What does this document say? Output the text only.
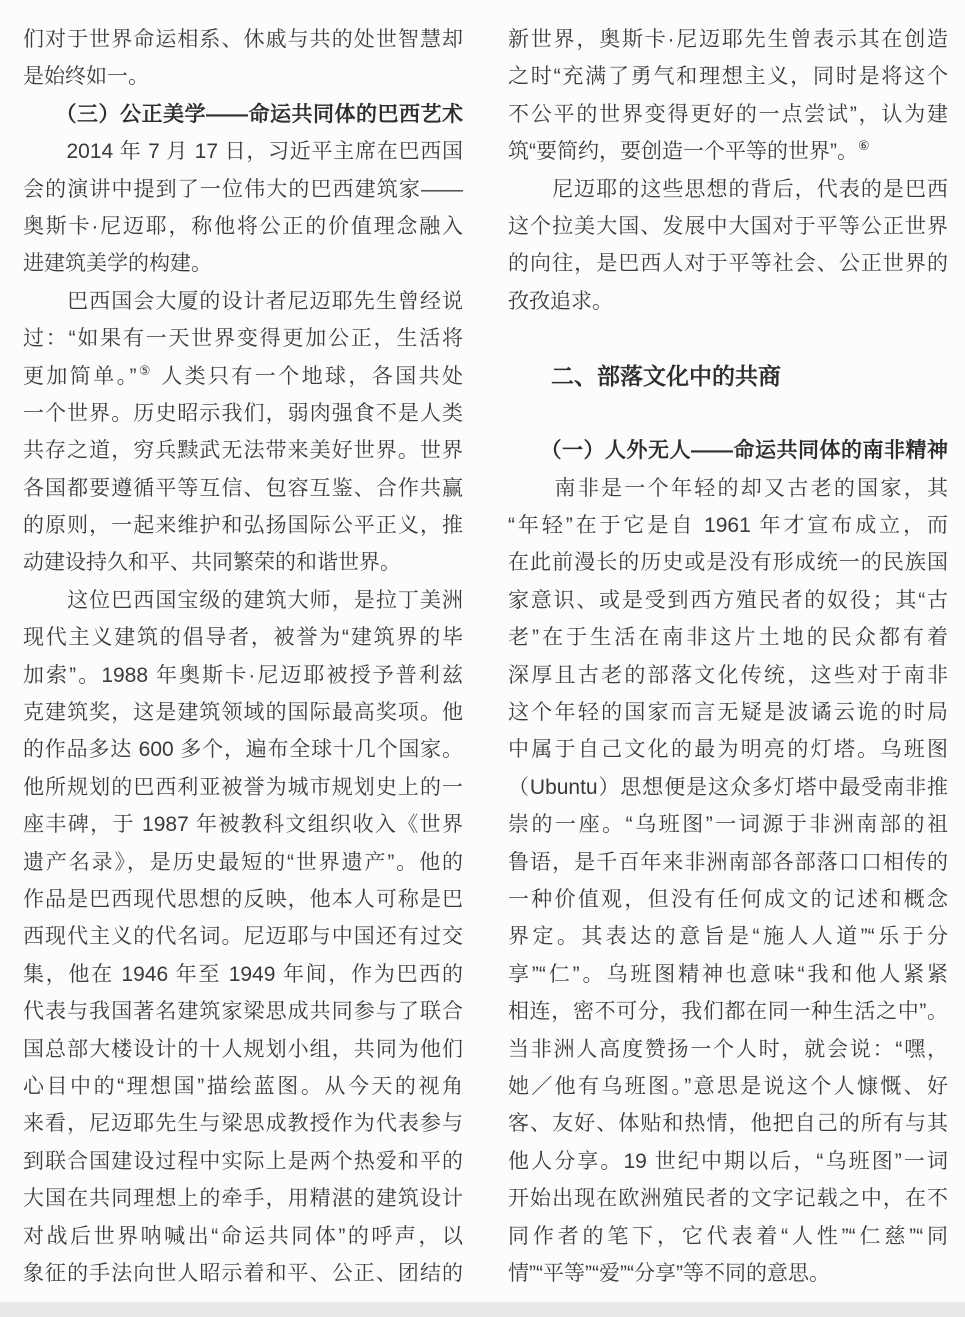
们对于世界命运相系、休戚与共的处世智慧却
是始终如一。
　　（三）公正美学——命运共同体的巴西艺术
　　2014 年 7 月 17 日，习近平主席在巴西国
会的演讲中提到了一位伟大的巴西建筑家——
奥斯卡·尼迈耶，称他将公正的价值理念融入
进建筑美学的构建。
　　巴西国会大厦的设计者尼迈耶先生曾经说
过：“如果有一天世界变得更加公正，生活将
更加简单。”⑤ 人类只有一个地球，各国共处
一个世界。历史昭示我们，弱肉强食不是人类
共存之道，穷兵黩武无法带来美好世界。世界
各国都要遵循平等互信、包容互鉴、合作共赢
的原则，一起来维护和弘扬国际公平正义，推
动建设持久和平、共同繁荣的和谐世界。
　　这位巴西国宝级的建筑大师，是拉丁美洲
现代主义建筑的倡导者，被誉为“建筑界的毕
加索”。1988 年奥斯卡·尼迈耶被授予普利兹
克建筑奖，这是建筑领域的国际最高奖项。他
的作品多达 600 多个，遍布全球十几个国家。
他所规划的巴西利亚被誉为城市规划史上的一
座丰碑，于 1987 年被教科文组织收入《世界
遗产名录》，是历史最短的“世界遗产”。他的
作品是巴西现代思想的反映，他本人可称是巴
西现代主义的代名词。尼迈耶与中国还有过交
集，他在 1946 年至 1949 年间，作为巴西的
代表与我国著名建筑家梁思成共同参与了联合
国总部大楼设计的十人规划小组，共同为他们
心目中的“理想国”描绘蓝图。从今天的视角
来看，尼迈耶先生与梁思成教授作为代表参与
到联合国建设过程中实际上是两个热爱和平的
大国在共同理想上的牵手，用精湛的建筑设计
对战后世界呐喊出“命运共同体”的呼声，以
象征的手法向世人昭示着和平、公正、团结的
新世界，奥斯卡·尼迈耶先生曾表示其在创造
之时“充满了勇气和理想主义，同时是将这个
不公平的世界变得更好的一点尝试”，认为建
筑“要简约，要创造一个平等的世界”。⑥
　　尼迈耶的这些思想的背后，代表的是巴西
这个拉美大国、发展中大国对于平等公正世界
的向往，是巴西人对于平等社会、公正世界的
孜孜追求。

二、部落文化中的共商

　　（一）人外无人——命运共同体的南非精神
　　南非是一个年轻的却又古老的国家，其
“年轻”在于它是自 1961 年才宣布成立，而
在此前漫长的历史或是没有形成统一的民族国
家意识、或是受到西方殖民者的奴役；其“古
老”在于生活在南非这片土地的民众都有着
深厚且古老的部落文化传统，这些对于南非
这个年轻的国家而言无疑是波谲云诡的时局
中属于自己文化的最为明亮的灯塔。乌班图
（Ubuntu）思想便是这众多灯塔中最受南非推
崇的一座。“乌班图”一词源于非洲南部的祖
鲁语，是千百年来非洲南部各部落口口相传的
一种价值观，但没有任何成文的记述和概念
界定。其表达的意旨是“施人人道”“乐于分
享”“仁”。乌班图精神也意味“我和他人紧紧
相连，密不可分，我们都在同一种生活之中”。
当非洲人高度赞扬一个人时，就会说：“嘿，
她／他有乌班图。”意思是说这个人慷慨、好
客、友好、体贴和热情，他把自己的所有与其
他人分享。19 世纪中期以后，“乌班图”一词
开始出现在欧洲殖民者的文字记载之中，在不
同作者的笔下，它代表着“人性”“仁慈”“同
情”“平等”“爱”“分享”等不同的意思。
